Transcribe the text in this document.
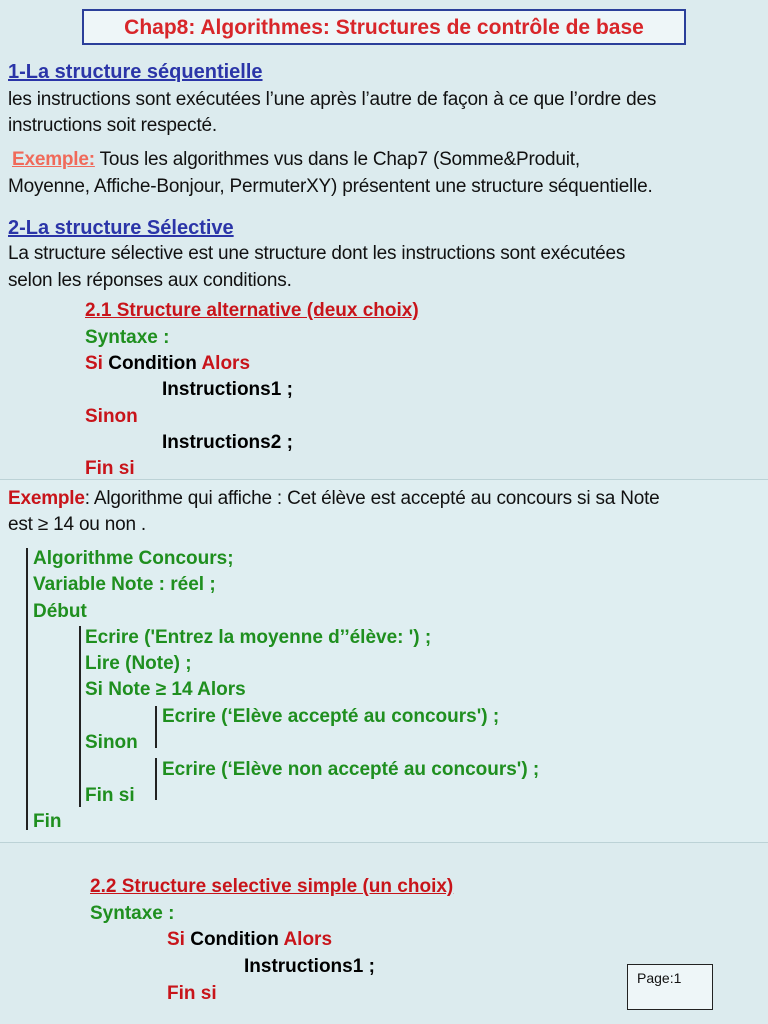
Chap8: Algorithmes: Structures de contrôle de base
1-La structure séquentielle
les instructions sont exécutées l’une après l’autre de façon à ce que l’ordre des
instructions soit respecté.
Exemple: Tous les algorithmes vus dans le Chap7 (Somme&Produit,
Moyenne, Affiche-Bonjour, PermuterXY) présentent une structure séquentielle.
2-La structure Sélective
La structure sélective est une structure dont les instructions sont exécutées
selon les réponses aux conditions.
2.1 Structure alternative (deux choix)
Syntaxe :
Si Condition Alors
Instructions1 ;
Sinon
Instructions2 ;
Fin si
Exemple: Algorithme qui affiche : Cet élève est accepté au concours si sa Note
est ≥ 14 ou non .
Algorithme Concours;
Variable Note : réel ;
Début
Ecrire ('Entrez la moyenne d’’élève: ') ;
Lire (Note) ;
Si Note ≥ 14 Alors
Ecrire (‘Elève accepté au concours') ;
Sinon
Ecrire (‘Elève non accepté au concours') ;
Fin si
Fin
2.2 Structure selective simple (un choix)
Syntaxe :
Si Condition Alors
Instructions1 ;
Fin si
Page:1
